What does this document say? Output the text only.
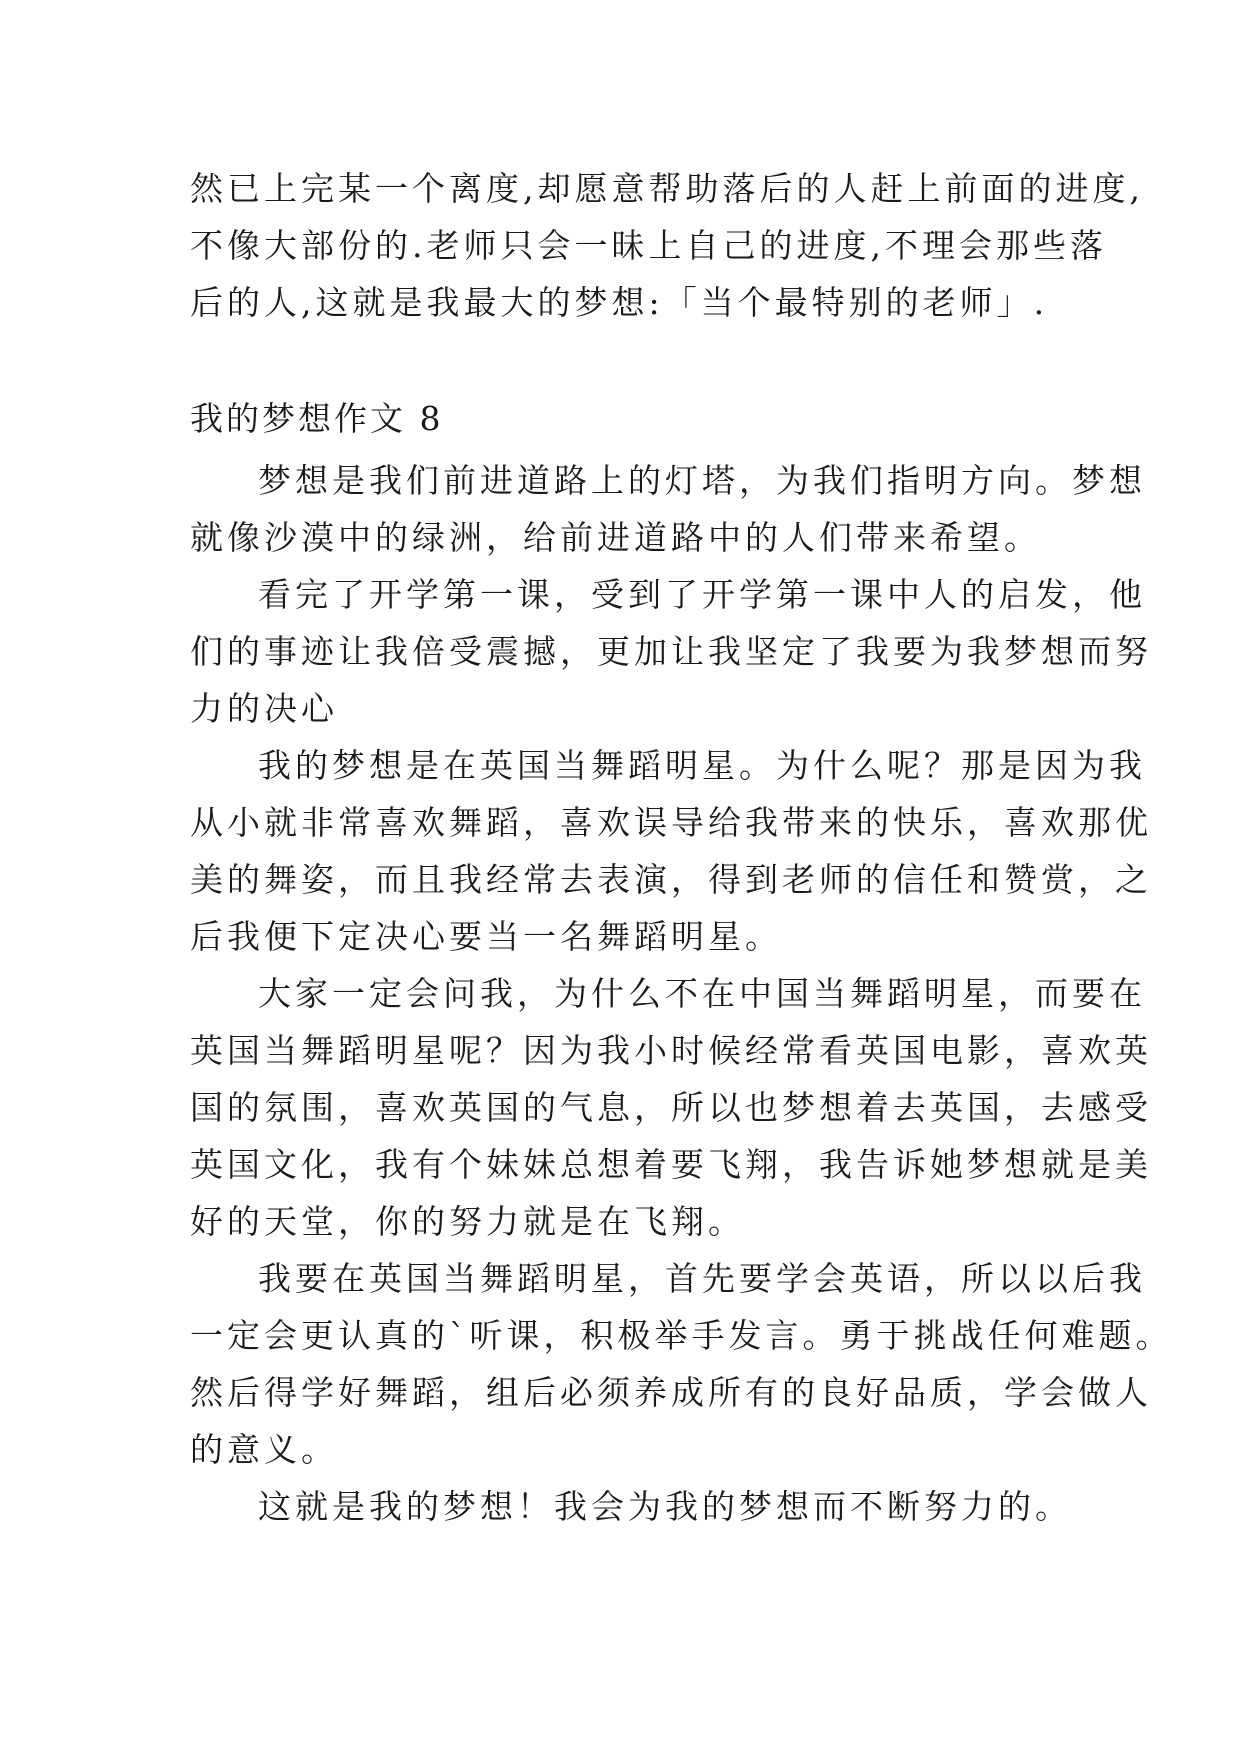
然已上完某一个离度,却愿意帮助落后的人赶上前面的进度,
不像大部份的.老师只会一昧上自己的进度,不理会那些落
后的人,这就是我最大的梦想:「当个最特别的老师」.
我的梦想作文 8
梦想是我们前进道路上的灯塔，为我们指明方向。梦想
就像沙漠中的绿洲，给前进道路中的人们带来希望。
看完了开学第一课，受到了开学第一课中人的启发，他
们的事迹让我倍受震撼，更加让我坚定了我要为我梦想而努
力的决心
我的梦想是在英国当舞蹈明星。为什么呢？那是因为我
从小就非常喜欢舞蹈，喜欢误导给我带来的快乐，喜欢那优
美的舞姿，而且我经常去表演，得到老师的信任和赞赏，之
后我便下定决心要当一名舞蹈明星。
大家一定会问我，为什么不在中国当舞蹈明星，而要在
英国当舞蹈明星呢？因为我小时候经常看英国电影，喜欢英
国的氛围，喜欢英国的气息，所以也梦想着去英国，去感受
英国文化，我有个妹妹总想着要飞翔，我告诉她梦想就是美
好的天堂，你的努力就是在飞翔。
我要在英国当舞蹈明星，首先要学会英语，所以以后我
一定会更认真的`听课，积极举手发言。勇于挑战任何难题。
然后得学好舞蹈，组后必须养成所有的良好品质，学会做人
的意义。
这就是我的梦想！我会为我的梦想而不断努力的。
